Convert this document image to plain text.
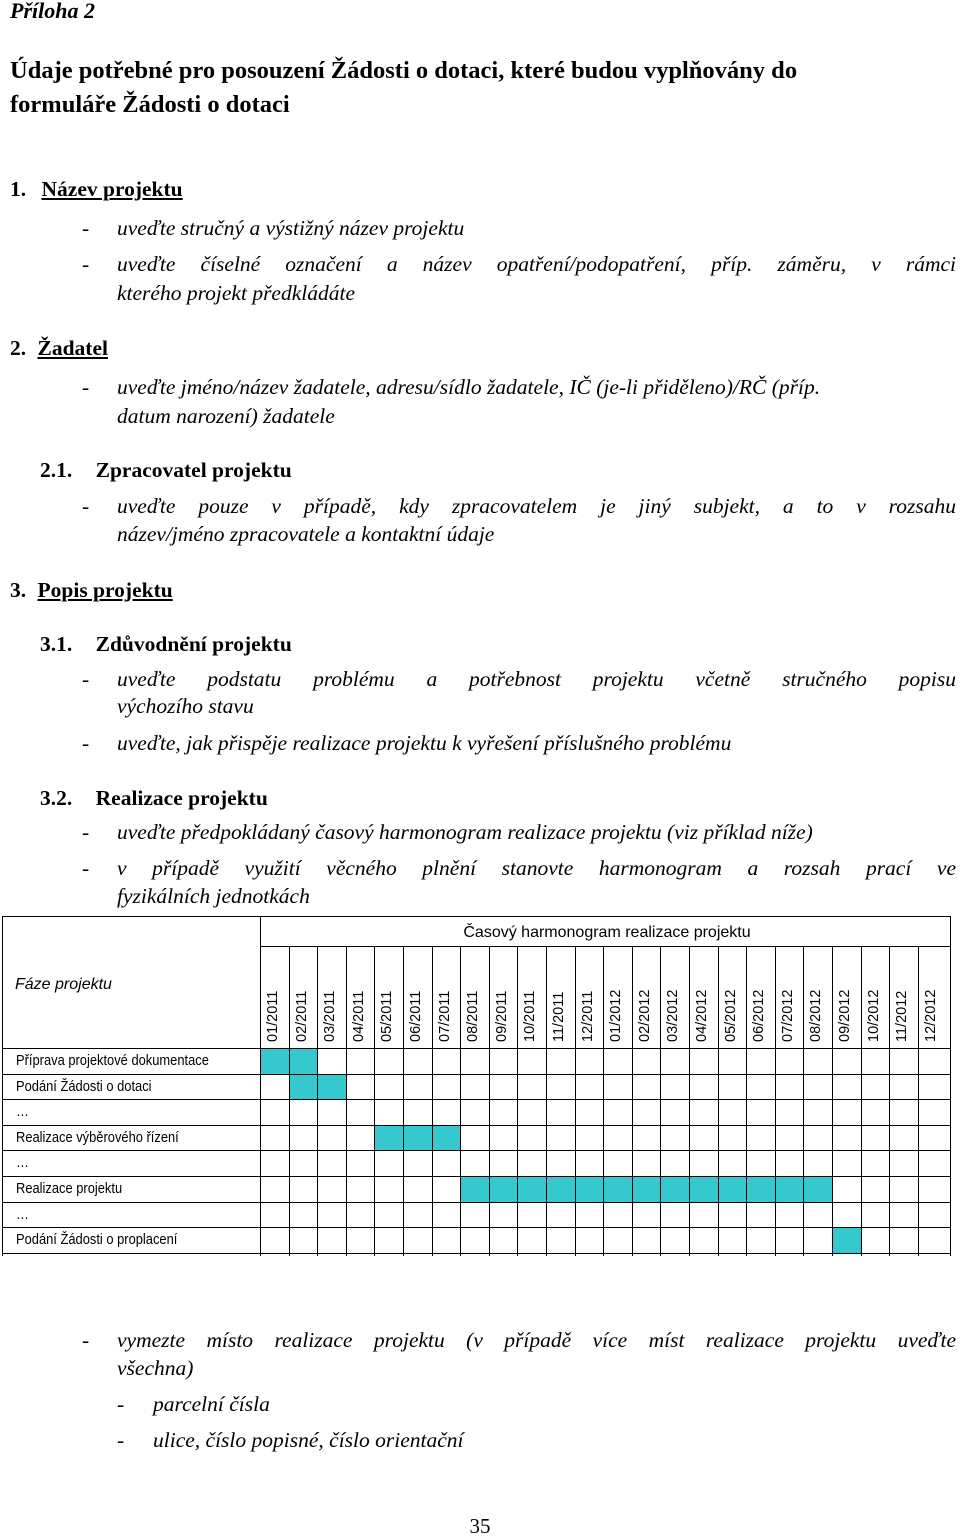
Příloha 2
Údaje potřebné pro posouzení Žádosti o dotaci, které budou vyplňovány do
formuláře Žádosti o dotaci
1. Název projektu
- uveďte stručný a výstižný název projektu
- uveďte číselné označení a název opatření/podopatření, příp. záměru, v rámci
kterého projekt předkládáte
2. Žadatel
- uveďte jméno/název žadatele, adresu/sídlo žadatele, IČ (je-li přiděleno)/RČ (příp.
datum narození) žadatele
2.1. Zpracovatel projektu
- uveďte pouze v případě, kdy zpracovatelem je jiný subjekt, a to v rozsahu
název/jméno zpracovatele a kontaktní údaje
3. Popis projektu
3.1. Zdůvodnění projektu
- uveďte podstatu problému a potřebnost projektu včetně stručného popisu
výchozího stavu
- uveďte, jak přispěje realizace projektu k vyřešení příslušného problému
3.2. Realizace projektu
- uveďte předpokládaný časový harmonogram realizace projektu (viz příklad níže)
- v případě využití věcného plnění stanovte harmonogram a rozsah prací ve
fyzikálních jednotkách
Časový harmonogram realizace projektu
Fáze projektu
01/2011 02/2011 03/2011 04/2011 05/2011 06/2011 07/2011 08/2011 09/2011 10/2011 11/2011 12/2011 01/2012 02/2012 03/2012 04/2012 05/2012 06/2012 07/2012 08/2012 09/2012 10/2012 11/2012 12/2012
Příprava projektové dokumentace
Podání Žádosti o dotaci
…
Realizace výběrového řízení
…
Realizace projektu
…
Podání Žádosti o proplacení
- vymezte místo realizace projektu (v případě více míst realizace projektu uveďte
všechna)
- parcelní čísla
- ulice, číslo popisné, číslo orientační
35
